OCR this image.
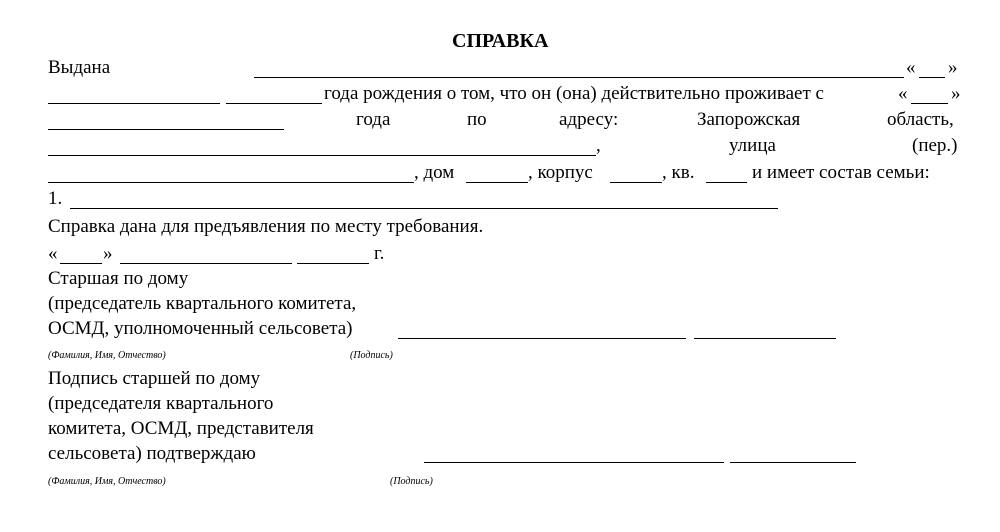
СПРАВКА
Выдана	« »
года рождения о том, что он (она) действительно проживает с	« »
года	по	адресу:	Запорожская	область,
,	улица	(пер.)
, дом	, корпус	, кв.	и имеет состав семьи:
1.
Справка дана для предъявления по месту требования.
« »	г.
Старшая по дому
(председатель квартального комитета,
ОСМД, уполномоченный сельсовета)
(Фамилия, Имя, Отчество)	(Подпись)
Подпись старшей по дому
(председателя квартального
комитета, ОСМД, представителя
сельсовета) подтверждаю
(Фамилия, Имя, Отчество)	(Подпись)
